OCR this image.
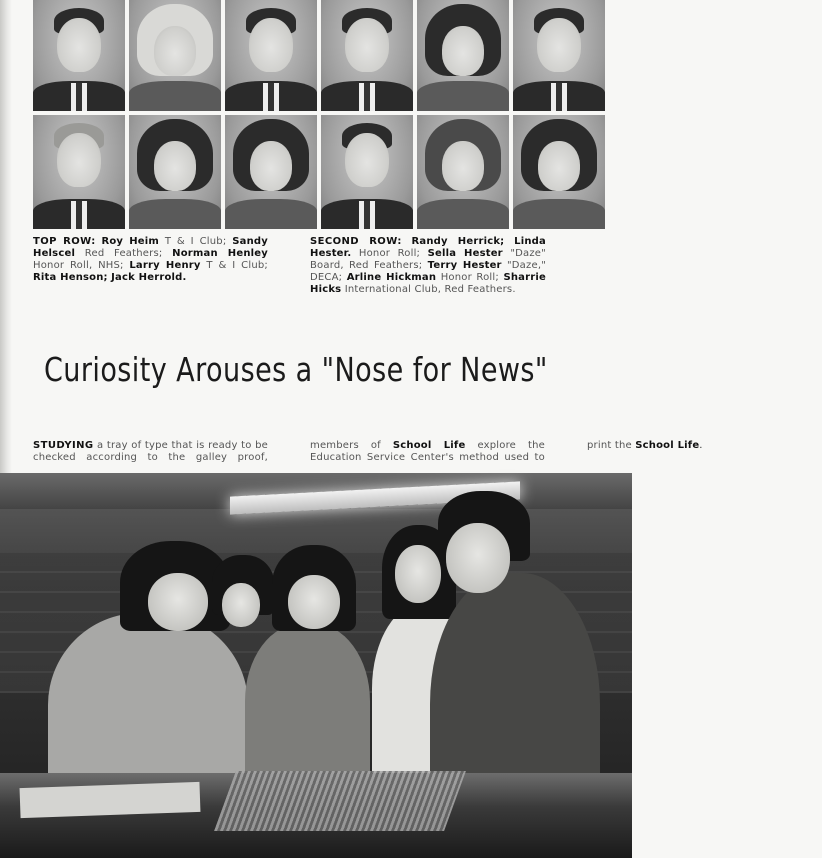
TOP ROW: Roy Heim T & I Club; Sandy Helscel Red Feathers; Norman Henley Honor Roll, NHS; Larry Henry T & I Club; Rita Henson; Jack Herrold.
SECOND ROW: Randy Herrick; Linda Hester. Honor Roll; Sella Hester "Daze" Board, Red Feathers; Terry Hester "Daze," DECA; Arline Hickman Honor Roll; Sharrie Hicks International Club, Red Feathers.
Curiosity Arouses a "Nose for News"
STUDYING a tray of type that is ready to be checked according to the galley proof, members of School Life explore the Education Service Center's method used to print the School Life.
